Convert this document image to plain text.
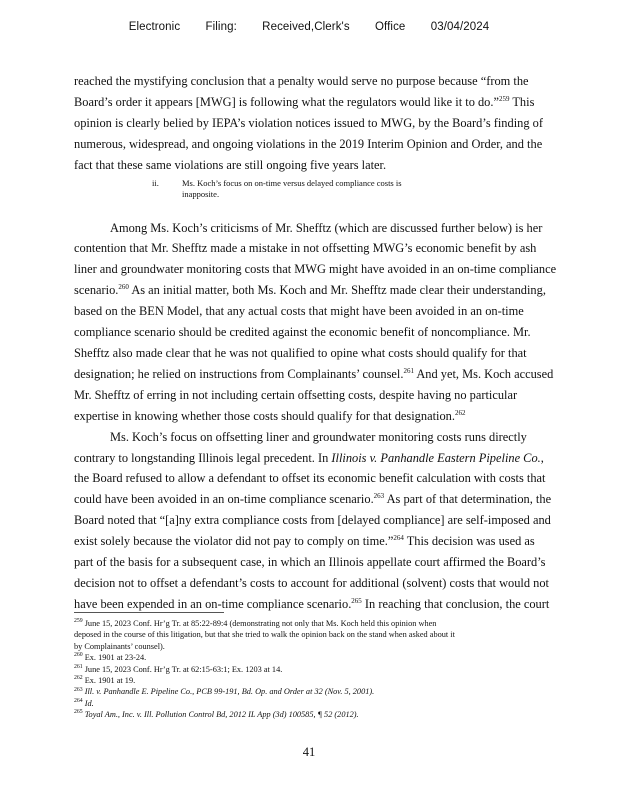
Electronic Filing: Received,Clerk's Office 03/04/2024
reached the mystifying conclusion that a penalty would serve no purpose because “from the
Board’s order it appears [MWG] is following what the regulators would like it to do.”$^{259}$ This
opinion is clearly belied by IEPA’s violation notices issued to MWG, by the Board’s finding of
numerous, widespread, and ongoing violations in the 2019 Interim Opinion and Order, and the
fact that these same violations are still ongoing five years later.
Among Ms. Koch’s criticisms of Mr. Shefftz (which are discussed further below) is her
contention that Mr. Shefftz made a mistake in not offsetting MWG’s economic benefit by ash
liner and groundwater monitoring costs that MWG might have avoided in an on-time compliance
scenario.$^{260}$ As an initial matter, both Ms. Koch and Mr. Shefftz made clear their understanding,
based on the BEN Model, that any actual costs that might have been avoided in an on-time
compliance scenario should be credited against the economic benefit of noncompliance. Mr.
Shefftz also made clear that he was not qualified to opine what costs should qualify for that
designation; he relied on instructions from Complainants’ counsel.$^{261}$ And yet, Ms. Koch accused
Mr. Shefftz of erring in not including certain offsetting costs, despite having no particular
expertise in knowing whether those costs should qualify for that designation.$^{262}$
Ms. Koch’s focus on offsetting liner and groundwater monitoring costs runs directly
contrary to longstanding Illinois legal precedent. In Illinois v. Panhandle Eastern Pipeline Co.,
the Board refused to allow a defendant to offset its economic benefit calculation with costs that
could have been avoided in an on-time compliance scenario.$^{263}$ As part of that determination, the
Board noted that “[a]ny extra compliance costs from [delayed compliance] are self-imposed and
exist solely because the violator did not pay to comply on time.”$^{264}$ This decision was used as
part of the basis for a subsequent case, in which an Illinois appellate court affirmed the Board’s
decision not to offset a defendant’s costs to account for additional (solvent) costs that would not
have been expended in an on-time compliance scenario.$^{265}$ In reaching that conclusion, the court
ii.	Ms. Koch’s focus on on-time versus delayed compliance costs is
inapposite.
$^{259}$ June 15, 2023 Conf. Hr’g Tr. at 85:22-89:4 (demonstrating not only that Ms. Koch held this opinion when
deposed in the course of this litigation, but that she tried to walk the opinion back on the stand when asked about it
by Complainants’ counsel).
$^{260}$ Ex. 1901 at 23-24.
$^{261}$ June 15, 2023 Conf. Hr’g Tr. at 62:15-63:1; Ex. 1203 at 14.
$^{262}$ Ex. 1901 at 19.
$^{263}$ Ill. v. Panhandle E. Pipeline Co., PCB 99-191, Bd. Op. and Order at 32 (Nov. 5, 2001).
$^{264}$ Id.
$^{265}$ Toyal Am., Inc. v. Ill. Pollution Control Bd, 2012 IL App (3d) 100585, ¶ 52 (2012).
41
